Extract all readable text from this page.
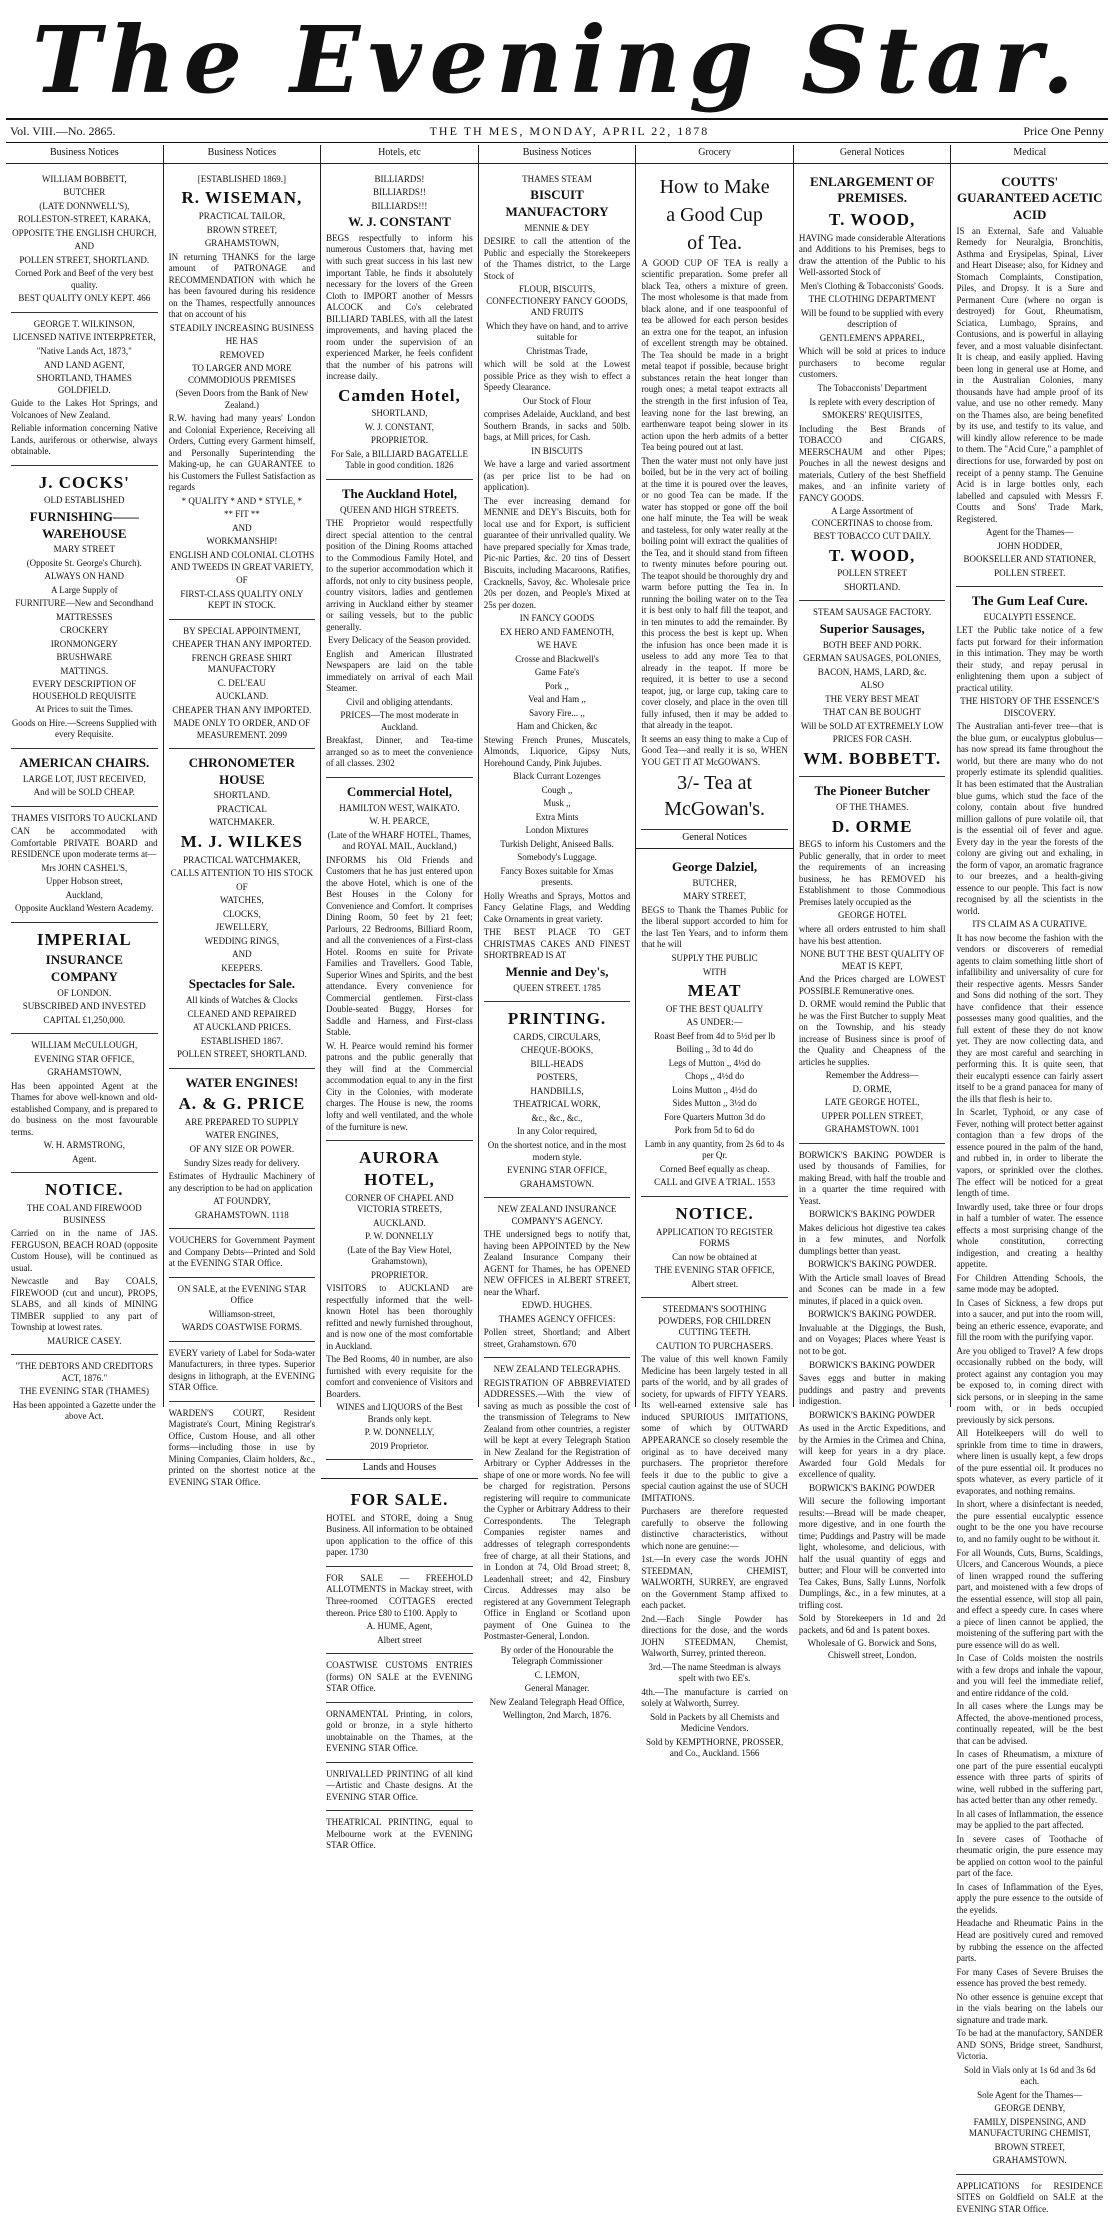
The Evening Star.
Vol. VIII.—No. 2865.	THE TH MES, MONDAY, APRIL 22, 1878	Price One Penny
Business Notices

WILLIAM BOBBETT,

BUTCHER

(LATE DONNWELL'S),

ROLLESTON-STREET, KARAKA,

OPPOSITE THE ENGLISH CHURCH,

AND

POLLEN STREET, SHORTLAND.

Corned Pork and Beef of the very best quality.

BEST QUALITY ONLY KEPT. 466

GEORGE T. WILKINSON,

LICENSED NATIVE INTERPRETER,

"Native Lands Act, 1873,"

AND LAND AGENT,

SHORTLAND, THAMES GOLDFIELD.

Guide to the Lakes Hot Springs, and Volcanoes of New Zealand.

Reliable information concerning Native Lands, auriferous or otherwise, always obtainable.

J. COCKS'

OLD ESTABLISHED

FURNISHING——WAREHOUSE

MARY STREET

(Opposite St. George's Church).

ALWAYS ON HAND

A Large Supply of

FURNITURE—New and Secondhand

MATTRESSES

CROCKERY

IRONMONGERY

BRUSHWARE

MATTINGS.

EVERY DESCRIPTION OF HOUSEHOLD REQUISITE

At Prices to suit the Times.

Goods on Hire.—Screens Supplied with every Requisite.

AMERICAN CHAIRS.

LARGE LOT, JUST RECEIVED,

And will be SOLD CHEAP.

THAMES VISITORS TO AUCKLAND

CAN be accommodated with Comfortable PRIVATE BOARD and RESIDENCE upon moderate terms at—

Mrs JOHN CASHEL'S,

Upper Hobson street,

Auckland,

Opposite Auckland Western Academy.

IMPERIAL

INSURANCE COMPANY

OF LONDON.

SUBSCRIBED AND INVESTED

CAPITAL £1,250,000.

WILLIAM McCULLOUGH,

EVENING STAR OFFICE,

GRAHAMSTOWN,

Has been appointed Agent at the Thames for above well-known and old-established Company, and is prepared to do business on the most favourable terms.

W. H. ARMSTRONG,

Agent.

NOTICE.

THE COAL AND FIREWOOD BUSINESS

Carried on in the name of JAS. FERGUSON, BEACH ROAD (opposite Custom House), will be continued as usual.

Newcastle and Bay COALS, FIREWOOD (cut and uncut), PROPS, SLABS, and all kinds of MINING TIMBER supplied to any part of Township at lowest rates.

MAURICE CASEY.

"THE DEBTORS AND CREDITORS ACT, 1876."

THE EVENING STAR (THAMES)

Has been appointed a Gazette under the above Act.

Business Notices

[ESTABLISHED 1869.]

R. WISEMAN,

PRACTICAL TAILOR,

BROWN STREET,

GRAHAMSTOWN,

IN returning THANKS for the large amount of PATRONAGE and RECOMMENDATION with which he has been favoured during his residence on the Thames, respectfully announces that on account of his

STEADILY INCREASING BUSINESS

HE HAS

REMOVED

TO LARGER AND MORE COMMODIOUS PREMISES

(Seven Doors from the Bank of New Zealand.)

R.W. having had many years' London and Colonial Experience, Receiving all Orders, Cutting every Garment himself, and Personally Superintending the Making-up, he can GUARANTEE to his Customers the Fullest Satisfaction as regards

* QUALITY * AND * STYLE, *

** FIT **

AND

WORKMANSHIP!

ENGLISH AND COLONIAL CLOTHS AND TWEEDS IN GREAT VARIETY,

OF

FIRST-CLASS QUALITY ONLY KEPT IN STOCK.

BY SPECIAL APPOINTMENT,

CHEAPER THAN ANY IMPORTED.

FRENCH GREASE SHIRT MANUFACTORY

C. DEL'EAU

AUCKLAND.

CHEAPER THAN ANY IMPORTED.

MADE ONLY TO ORDER, AND OF MEASUREMENT. 2099

CHRONOMETER HOUSE

SHORTLAND.

PRACTICAL

WATCHMAKER.

M. J. WILKES

PRACTICAL WATCHMAKER,

CALLS ATTENTION TO HIS STOCK

OF

WATCHES,

CLOCKS,

JEWELLERY,

WEDDING RINGS,

AND

KEEPERS.

Spectacles for Sale.

All kinds of Watches & Clocks

CLEANED AND REPAIRED

AT AUCKLAND PRICES.

ESTABLISHED 1867.

POLLEN STREET, SHORTLAND.

WATER ENGINES!

A. & G. PRICE

ARE PREPARED TO SUPPLY

WATER ENGINES,

OF ANY SIZE OR POWER.

Sundry Sizes ready for delivery.

Estimates of Hydraulic Machinery of any description to be had on application

AT FOUNDRY,

GRAHAMSTOWN. 1118

VOUCHERS for Government Payment and Company Debts—Printed and Sold at the EVENING STAR Office.

ON SALE, at the EVENING STAR Office

Williamson-street,

WARDS COASTWISE FORMS.

EVERY variety of Label for Soda-water Manufacturers, in three types. Superior designs in lithograph, at the EVENING STAR Office.

WARDEN'S COURT, Resident Magistrate's Court, Mining Registrar's Office, Custom House, and all other forms—including those in use by Mining Companies, Claim holders, &c., printed on the shortest notice at the EVENING STAR Office.

Hotels, etc

BILLIARDS!

BILLIARDS!!

BILLIARDS!!!

W. J. CONSTANT

BEGS respectfully to inform his numerous Customers that, having met with such great success in his last new important Table, he finds it absolutely necessary for the lovers of the Green Cloth to IMPORT another of Messrs ALCOCK and Co's celebrated BILLIARD TABLES, with all the latest improvements, and having placed the room under the supervision of an experienced Marker, he feels confident that the number of his patrons will increase daily.

Camden Hotel,

SHORTLAND,

W. J. CONSTANT,

PROPRIETOR.

For Sale, a BILLIARD BAGATELLE Table in good condition. 1826

The Auckland Hotel,

QUEEN AND HIGH STREETS.

THE Proprietor would respectfully direct special attention to the central position of the Dining Rooms attached to the Commodious Family Hotel, and to the superior accommodation which it affords, not only to city business people, country visitors, ladies and gentlemen arriving in Auckland either by steamer or sailing vessels, but to the public generally.

Every Delicacy of the Season provided.

English and American Illustrated Newspapers are laid on the table immediately on arrival of each Mail Steamer.

Civil and obliging attendants.

PRICES—The most moderate in Auckland.

Breakfast, Dinner, and Tea-time arranged so as to meet the convenience of all classes. 2302

Commercial Hotel,

HAMILTON WEST, WAIKATO.

W. H. PEARCE,

(Late of the WHARF HOTEL, Thames, and ROYAL MAIL, Auckland,)

INFORMS his Old Friends and Customers that he has just entered upon the above Hotel, which is one of the Best Houses in the Colony for Convenience and Comfort. It comprises Dining Room, 50 feet by 21 feet; Parlours, 22 Bedrooms, Billiard Room, and all the conveniences of a First-class Hotel. Rooms en suite for Private Families and Travellers. Good Table, Superior Wines and Spirits, and the best attendance. Every convenience for Commercial gentlemen. First-class Double-seated Buggy, Horses for Saddle and Harness, and First-class Stable.

W. H. Pearce would remind his former patrons and the public generally that they will find at the Commercial accommodation equal to any in the first City in the Colonies, with moderate charges. The House is new, the rooms lofty and well ventilated, and the whole of the furniture is new.

AURORA HOTEL,

CORNER OF CHAPEL AND VICTORIA STREETS,

AUCKLAND.

P. W. DONNELLY

(Late of the Bay View Hotel, Grahamstown),

PROPRIETOR.

VISITORS to AUCKLAND are respectfully informed that the well-known Hotel has been thoroughly refitted and newly furnished throughout, and is now one of the most comfortable in Auckland.

The Bed Rooms, 40 in number, are also furnished with every requisite for the comfort and convenience of Visitors and Boarders.

WINES and LIQUORS of the Best Brands only kept.

P. W. DONNELLY,

2019 Proprietor.

Lands and Houses

FOR SALE.

HOTEL and STORE, doing a Snug Business. All information to be obtained upon application to the office of this paper. 1730

FOR SALE — FREEHOLD ALLOTMENTS in Mackay street, with Three-roomed COTTAGES erected thereon. Price £80 to £100. Apply to

A. HUME, Agent,

Albert street

COASTWISE CUSTOMS ENTRIES (forms) ON SALE at the EVENING STAR Office.

ORNAMENTAL Printing, in colors, gold or bronze, in a style hitherto unobtainable on the Thames, at the EVENING STAR Office.

UNRIVALLED PRINTING of all kind—Artistic and Chaste designs. At the EVENING STAR Office.

THEATRICAL PRINTING, equal to Melbourne work at the EVENING STAR Office.

Business Notices

THAMES STEAM

BISCUIT MANUFACTORY

MENNIE & DEY

DESIRE to call the attention of the Public and especially the Storekeepers of the Thames district, to the Large Stock of

FLOUR, BISCUITS, CONFECTIONERY FANCY GOODS, AND FRUITS

Which they have on hand, and to arrive suitable for

Christmas Trade,

which will be sold at the Lowest possible Price as they wish to effect a Speedy Clearance.

Our Stock of Flour

comprises Adelaide, Auckland, and best Southern Brands, in sacks and 50lb. bags, at Mill prices, for Cash.

IN BISCUITS

We have a large and varied assortment (as per price list to be had on application).

The ever increasing demand for MENNIE and DEY's Biscuits, both for local use and for Export, is sufficient guarantee of their unrivalled quality. We have prepared specially for Xmas trade, Pic-nic Parties, &c. 20 tins of Dessert Biscuits, including Macaroons, Ratifies, Cracknells, Savoy, &c. Wholesale price 20s per dozen, and People's Mixed at 25s per dozen.

IN FANCY GOODS

EX HERO AND FAMENOTH,

WE HAVE

Crosse and Blackwell's

Game Fate's

Pork ,,

Veal and Ham ,,

Savory Fire... ,,

Ham and Chicken, &c

Stewing French Prunes, Muscatels, Almonds, Liquorice, Gipsy Nuts, Horehound Candy, Pink Jujubes.

Black Currant Lozenges

Cough ,,

Musk ,,

Extra Mints

London Mixtures

Turkish Delight, Aniseed Balls.

Somebody's Luggage.

Fancy Boxes suitable for Xmas presents.

Holly Wreaths and Sprays, Mottos and Fancy Gelatine Flags, and Wedding Cake Ornaments in great variety.

THE BEST PLACE TO GET CHRISTMAS CAKES AND FINEST SHORTBREAD IS AT

Mennie and Dey's,

QUEEN STREET. 1785

PRINTING.

CARDS, CIRCULARS,

CHEQUE-BOOKS,

BILL-HEADS

POSTERS,

HANDBILLS,

THEATRICAL WORK,

&c., &c., &c.,

In any Color required,

On the shortest notice, and in the most modern style.

EVENING STAR OFFICE,

GRAHAMSTOWN.

NEW ZEALAND INSURANCE COMPANY'S AGENCY.

THE undersigned begs to notify that, having been APPOINTED by the New Zealand Insurance Company their AGENT for Thames, he has OPENED NEW OFFICES in ALBERT STREET, near the Wharf.

EDWD. HUGHES.

THAMES AGENCY OFFICES:

Pollen street, Shortland; and Albert street, Grahamstown. 670

NEW ZEALAND TELEGRAPHS.

REGISTRATION OF ABBREVIATED ADDRESSES.—With the view of saving as much as possible the cost of the transmission of Telegrams to New Zealand from other countries, a register will be kept at every Telegraph Station in New Zealand for the Registration of Arbitrary or Cypher Addresses in the shape of one or more words. No fee will be charged for registration. Persons registering will require to communicate the Cypher or Arbitrary Address to their Correspondents. The Telegraph Companies register names and addresses of telegraph correspondents free of charge, at all their Stations, and in London at 74, Old Broad street; 8, Leadenhall street; and 42, Finsbury Circus. Addresses may also be registered at any Government Telegraph Office in England or Scotland upon payment of One Guinea to the Postmaster-General, London.

By order of the Honourable the Telegraph Commissioner

C. LEMON,

General Manager.

New Zealand Telegraph Head Office,

Wellington, 2nd March, 1876.

Grocery

How to Make

a Good Cup

of Tea.

A GOOD CUP OF TEA is really a scientific preparation. Some prefer all black Tea, others a mixture of green. The most wholesome is that made from black alone, and if one teaspoonful of tea be allowed for each person besides an extra one for the teapot, an infusion of excellent strength may be obtained. The Tea should be made in a bright metal teapot if possible, because bright substances retain the heat longer than rough ones; a metal teapot extracts all the strength in the first infusion of Tea, leaving none for the last brewing, an earthenware teapot being slower in its action upon the herb admits of a better Tea being poured out at last.

Then the water must not only have just boiled, but be in the very act of boiling at the time it is poured over the leaves, or no good Tea can be made. If the water has stopped or gone off the boil one half minute, the Tea will be weak and tasteless, for only water really at the boiling point will extract the qualities of the Tea, and it should stand from fifteen to twenty minutes before pouring out. The teapot should be thoroughly dry and warm before putting the Tea in. In running the boiling water on to the Tea it is best only to half fill the teapot, and in ten minutes to add the remainder. By this process the best is kept up. When the infusion has once been made it is useless to add any more Tea to that already in the teapot. If more be required, it is better to use a second teapot, jug, or large cup, taking care to cover closely, and place in the oven till fully infused, then it may be added to that already in the teapot.

It seems an easy thing to make a Cup of Good Tea—and really it is so, WHEN YOU GET IT AT McGOWAN'S.

3/- Tea at McGowan's.

General Notices

George Dalziel,

BUTCHER,

MARY STREET,

BEGS to Thank the Thames Public for the liberal support accorded to him for the last Ten Years, and to inform them that he will

SUPPLY THE PUBLIC

WITH

MEAT

OF THE BEST QUALITY

AS UNDER:—

Roast Beef from 4d to 5½d per lb

Boiling ,, 3d to 4d do

Legs of Mutton ,, 4½d do

Chops ,, 4½d do

Loins Mutton ,, 4½d do

Sides Mutton ,, 3½d do

Fore Quarters Mutton 3d do

Pork from 5d to 6d do

Lamb in any quantity, from 2s 6d to 4s per Qr.

Corned Beef equally as cheap.

CALL and GIVE A TRIAL. 1553

NOTICE.

APPLICATION TO REGISTER FORMS

Can now be obtained at

THE EVENING STAR OFFICE,

Albert street.

STEEDMAN'S SOOTHING POWDERS, FOR CHILDREN CUTTING TEETH.

CAUTION TO PURCHASERS.

The value of this well known Family Medicine has been largely tested in all parts of the world, and by all grades of society, for upwards of FIFTY YEARS. Its well-earned extensive sale has induced SPURIOUS IMITATIONS, some of which by OUTWARD APPEARANCE so closely resemble the original as to have deceived many purchasers. The proprietor therefore feels it due to the public to give a special caution against the use of SUCH IMITATIONS.

Purchasers are therefore requested carefully to observe the following distinctive characteristics, without which none are genuine:—

1st.—In every case the words JOHN STEEDMAN, CHEMIST, WALWORTH, SURREY, are engraved on the Government Stamp affixed to each packet.

2nd.—Each Single Powder has directions for the dose, and the words JOHN STEEDMAN, Chemist, Walworth, Surrey, printed thereon.

3rd.—The name Steedman is always spelt with two EE's.

4th.—The manufacture is carried on solely at Walworth, Surrey.

Sold in Packets by all Chemists and Medicine Vendors.

Sold by KEMPTHORNE, PROSSER, and Co., Auckland. 1566

General Notices

ENLARGEMENT OF PREMISES.

T. WOOD,

HAVING made considerable Alterations and Additions to his Premises, begs to draw the attention of the Public to his Well-assorted Stock of

Men's Clothing & Tobacconists' Goods.

THE CLOTHING DEPARTMENT

Will be found to be supplied with every description of

GENTLEMEN'S APPAREL,

Which will be sold at prices to induce purchasers to become regular customers.

The Tobacconists' Department

Is replete with every description of

SMOKERS' REQUISITES,

Including the Best Brands of TOBACCO and CIGARS, MEERSCHAUM and other Pipes; Pouches in all the newest designs and materials, Cutlery of the best Sheffield makes, and an infinite variety of FANCY GOODS.

A Large Assortment of CONCERTINAS to choose from.

BEST TOBACCO CUT DAILY.

T. WOOD,

POLLEN STREET

SHORTLAND.

STEAM SAUSAGE FACTORY.

Superior Sausages,

BOTH BEEF AND PORK.

GERMAN SAUSAGES, POLONIES,

BACON, HAMS, LARD, &c.

ALSO

THE VERY BEST MEAT

THAT CAN BE BOUGHT

Will be SOLD AT EXTREMELY LOW

PRICES FOR CASH.

WM. BOBBETT.

The Pioneer Butcher

OF THE THAMES.

D. ORME

BEGS to inform his Customers and the Public generally, that in order to meet the requirements of an increasing business, he has REMOVED his Establishment to those Commodious Premises lately occupied as the

GEORGE HOTEL

where all orders entrusted to him shall have his best attention.

NONE BUT THE BEST QUALITY OF MEAT IS KEPT,

And the Prices charged are LOWEST POSSIBLE Remunerative ones.

D. ORME would remind the Public that he was the First Butcher to supply Meat on the Township, and his steady increase of Business since is proof of the Quality and Cheapness of the articles he supplies.

Remember the Address—

D. ORME,

LATE GEORGE HOTEL,

UPPER POLLEN STREET,

GRAHAMSTOWN. 1001

BORWICK'S BAKING POWDER is used by thousands of Families, for making Bread, with half the trouble and in a quarter the time required with Yeast.

BORWICK'S BAKING POWDER

Makes delicious hot digestive tea cakes in a few minutes, and Norfolk dumplings better than yeast.

BORWICK'S BAKING POWDER.

With the Article small loaves of Bread and Scones can be made in a few minutes, if placed in a quick oven.

BORWICK'S BAKING POWDER.

Invaluable at the Diggings, the Bush, and on Voyages; Places where Yeast is not to be got.

BORWICK'S BAKING POWDER

Saves eggs and butter in making puddings and pastry and prevents indigestion.

BORWICK'S BAKING POWDER

As used in the Arctic Expeditions, and by the Armies in the Crimea and China, will keep for years in a dry place. Awarded four Gold Medals for excellence of quality.

BORWICK'S BAKING POWDER

Will secure the following important results:—Bread will be made cheaper, more digestive, and in one fourth the time; Puddings and Pastry will be made light, wholesome, and delicious, with half the usual quantity of eggs and butter; and Flour will be converted into Tea Cakes, Buns, Sally Lunns, Norfolk Dumplings, &c., in a few minutes, at a trifling cost.

Sold by Storekeepers in 1d and 2d packets, and 6d and 1s patent boxes.

Wholesale of G. Borwick and Sons, Chiswell street, London.

Medical

COUTTS' GUARANTEED ACETIC ACID

IS an External, Safe and Valuable Remedy for Neuralgia, Bronchitis, Asthma and Erysipelas, Spinal, Liver and Heart Disease; also, for Kidney and Stomach Complaints, Constipation, Piles, and Dropsy. It is a Sure and Permanent Cure (where no organ is destroyed) for Gout, Rheumatism, Sciatica, Lumbago, Sprains, and Contusions, and is powerful in allaying fever, and a most valuable disinfectant. It is cheap, and easily applied. Having been long in general use at Home, and in the Australian Colonies, many thousands have had ample proof of its value, and use no other remedy. Many on the Thames also, are being benefited by its use, and testify to its value, and will kindly allow reference to be made to them. The "Acid Cure," a pamphlet of directions for use, forwarded by post on receipt of a penny stamp. The Genuine Acid is in large bottles only, each labelled and capsuled with Messrs F. Coutts and Sons' Trade Mark, Registered.

Agent for the Thames—

JOHN HODDER,

BOOKSELLER AND STATIONER,

POLLEN STREET.

The Gum Leaf Cure.

EUCALYPTI ESSENCE.

LET the Public take notice of a few facts put forward for their information in this intimation. They may be worth their study, and repay perusal in enlightening them upon a subject of practical utility.

THE HISTORY OF THE ESSENCE'S DISCOVERY.

The Australian anti-fever tree—that is the blue gum, or eucalyptus globulus—has now spread its fame throughout the world, but there are many who do not properly estimate its splendid qualities. It has been estimated that the Australian blue gums, which stud the face of the colony, contain about five hundred million gallons of pure volatile oil, that is the essential oil of fever and ague. Every day in the year the forests of the colony are giving out and exhaling, in the form of vapor, an aromatic fragrance to our breezes, and a health-giving essence to our people. This fact is now recognised by all the scientists in the world.

ITS CLAIM AS A CURATIVE.

It has now become the fashion with the vendors or discoverers of remedial agents to claim something little short of infallibility and universality of cure for their respective agents. Messrs Sander and Sons did nothing of the sort. They have confidence that their essence possesses many good qualities, and the full extent of these they do not know yet. They are now collecting data, and they are most careful and searching in performing this. It is quite seen, that their eucalypti essence can fairly assert itself to be a grand panacea for many of the ills that flesh is heir to.

In Scarlet, Typhoid, or any case of Fever, nothing will protect better against contagion than a few drops of the essence poured in the palm of the hand, and rubbed in, in order to liberate the vapors, or sprinkled over the clothes. The effect will be noticed for a great length of time.

Inwardly used, take three or four drops in half a tumbler of water. The essence effects a most surprising change of the whole constitution, correcting indigestion, and creating a healthy appetite.

For Children Attending Schools, the same mode may be adopted.

In Cases of Sickness, a few drops put into a saucer, and put into the room will, being an etheric essence, evaporate, and fill the room with the purifying vapor.

Are you obliged to Travel? A few drops occasionally rubbed on the body, will protect against any contagion you may be exposed to, in coming direct with sick persons, or in sleeping in the same room with, or in beds occupied previously by sick persons.

All Hotelkeepers will do well to sprinkle from time to time in drawers, where linen is usually kept, a few drops of the pure essential oil. It produces no spots whatever, as every particle of it evaporates, and nothing remains.

In short, where a disinfectant is needed, the pure essential eucalyptic essence ought to be the one you have recourse to, and no family ought to be without it.

For all Wounds, Cuts, Burns, Scaldings, Ulcers, and Cancerous Wounds, a piece of linen wrapped round the suffering part, and moistened with a few drops of the essential essence, will stop all pain, and effect a speedy cure. In cases where a piece of linen cannot be applied, the moistening of the suffering part with the pure essence will do as well.

In Case of Colds moisten the nostrils with a few drops and inhale the vapour, and you will feel the immediate relief, and entire riddance of the cold.

In all cases where the Lungs may be Affected, the above-mentioned process, continually repeated, will be the best that can be advised.

In cases of Rheumatism, a mixture of one part of the pure essential eucalypti essence with three parts of spirits of wine, well rubbed in the suffering part, has acted better than any other remedy.

In all cases of Inflammation, the essence may be applied to the part affected.

In severe cases of Toothache of rheumatic origin, the pure essence may be applied on cotton wool to the painful part of the face.

In cases of Inflammation of the Eyes, apply the pure essence to the outside of the eyelids.

Headache and Rheumatic Pains in the Head are positively cured and removed by rubbing the essence on the affected parts.

For many Cases of Severe Bruises the essence has proved the best remedy.

No other essence is genuine except that in the vials bearing on the labels our signature and trade mark.

To be had at the manufactory, SANDER AND SONS, Bridge street, Sandhurst, Victoria.

Sold in Vials only at 1s 6d and 3s 6d each.

Sole Agent for the Thames—

GEORGE DENBY,

FAMILY, DISPENSING, AND MANUFACTURING CHEMIST,

BROWN STREET,

GRAHAMSTOWN.

APPLICATIONS for RESIDENCE SITES on Goldfield on SALE at the EVENING STAR Office.
